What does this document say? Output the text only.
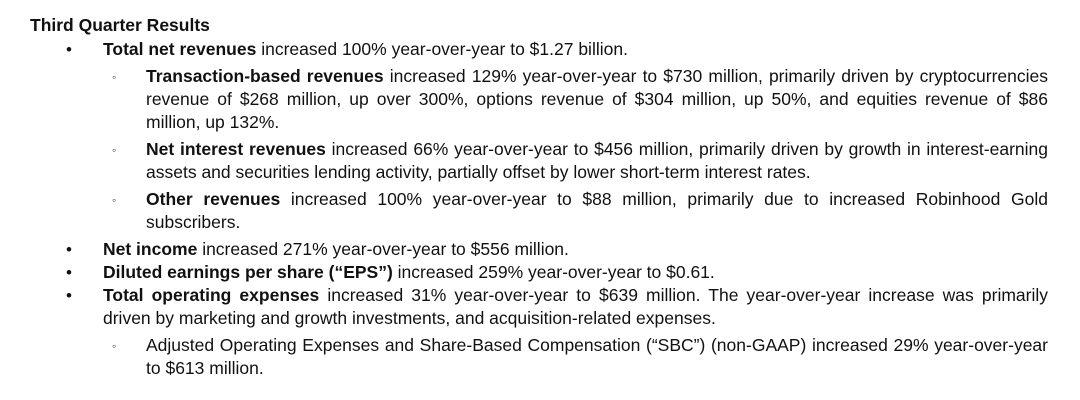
Third Quarter Results
• Total net revenues increased 100% year-over-year to $1.27 billion.
◦ Transaction-based revenues increased 129% year-over-year to $730 million, primarily driven by cryptocurrencies revenue of $268 million, up over 300%, options revenue of $304 million, up 50%, and equities revenue of $86 million, up 132%.
◦ Net interest revenues increased 66% year-over-year to $456 million, primarily driven by growth in interest-earning assets and securities lending activity, partially offset by lower short-term interest rates.
◦ Other revenues increased 100% year-over-year to $88 million, primarily due to increased Robinhood Gold subscribers.
• Net income increased 271% year-over-year to $556 million.
• Diluted earnings per share (“EPS”) increased 259% year-over-year to $0.61.
• Total operating expenses increased 31% year-over-year to $639 million. The year-over-year increase was primarily driven by marketing and growth investments, and acquisition-related expenses.
◦ Adjusted Operating Expenses and Share-Based Compensation (“SBC”) (non-GAAP) increased 29% year-over-year to $613 million.
